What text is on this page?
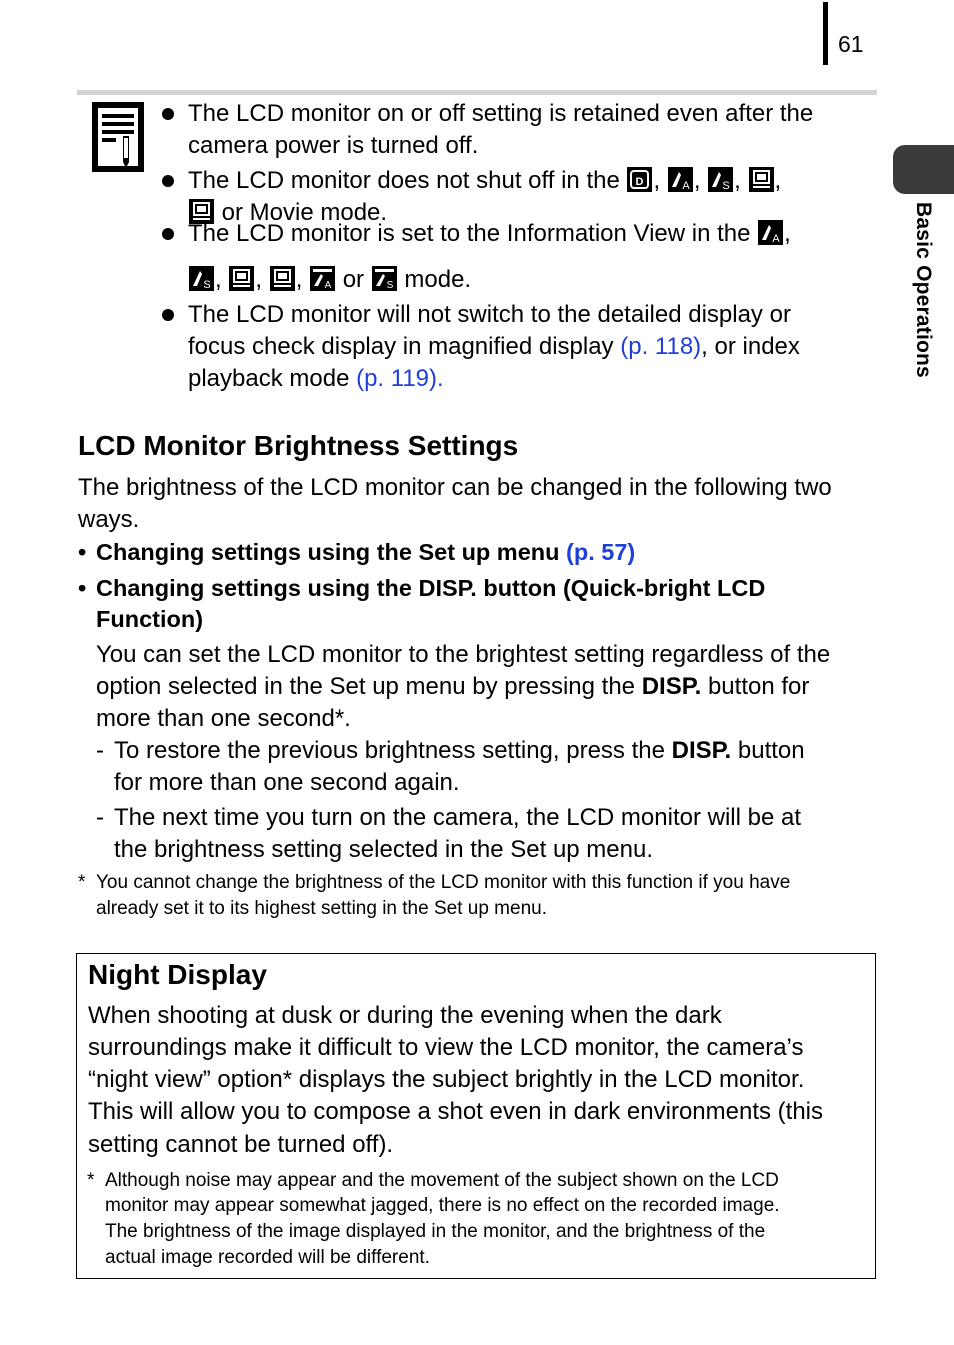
61
Basic Operations
The LCD monitor on or off setting is retained even after the
camera power is turned off.
The LCD monitor does not shut off in the D , A , S , ,
or Movie mode.
The LCD monitor is set to the Information View in the A ,
S , , , A or S mode.
The LCD monitor will not switch to the detailed display or
focus check display in magnified display (p. 118), or index
playback mode (p. 119).
LCD Monitor Brightness Settings
The brightness of the LCD monitor can be changed in the following two
ways.
• Changing settings using the Set up menu (p. 57)
• Changing settings using the DISP. button (Quick-bright LCD
Function)
You can set the LCD monitor to the brightest setting regardless of the
option selected in the Set up menu by pressing the DISP. button for
more than one second*.
- To restore the previous brightness setting, press the DISP. button
for more than one second again.
- The next time you turn on the camera, the LCD monitor will be at
the brightness setting selected in the Set up menu.
* You cannot change the brightness of the LCD monitor with this function if you have
already set it to its highest setting in the Set up menu.
Night Display
When shooting at dusk or during the evening when the dark
surroundings make it difficult to view the LCD monitor, the camera’s
“night view” option* displays the subject brightly in the LCD monitor.
This will allow you to compose a shot even in dark environments (this
setting cannot be turned off).
* Although noise may appear and the movement of the subject shown on the LCD
monitor may appear somewhat jagged, there is no effect on the recorded image.
The brightness of the image displayed in the monitor, and the brightness of the
actual image recorded will be different.
